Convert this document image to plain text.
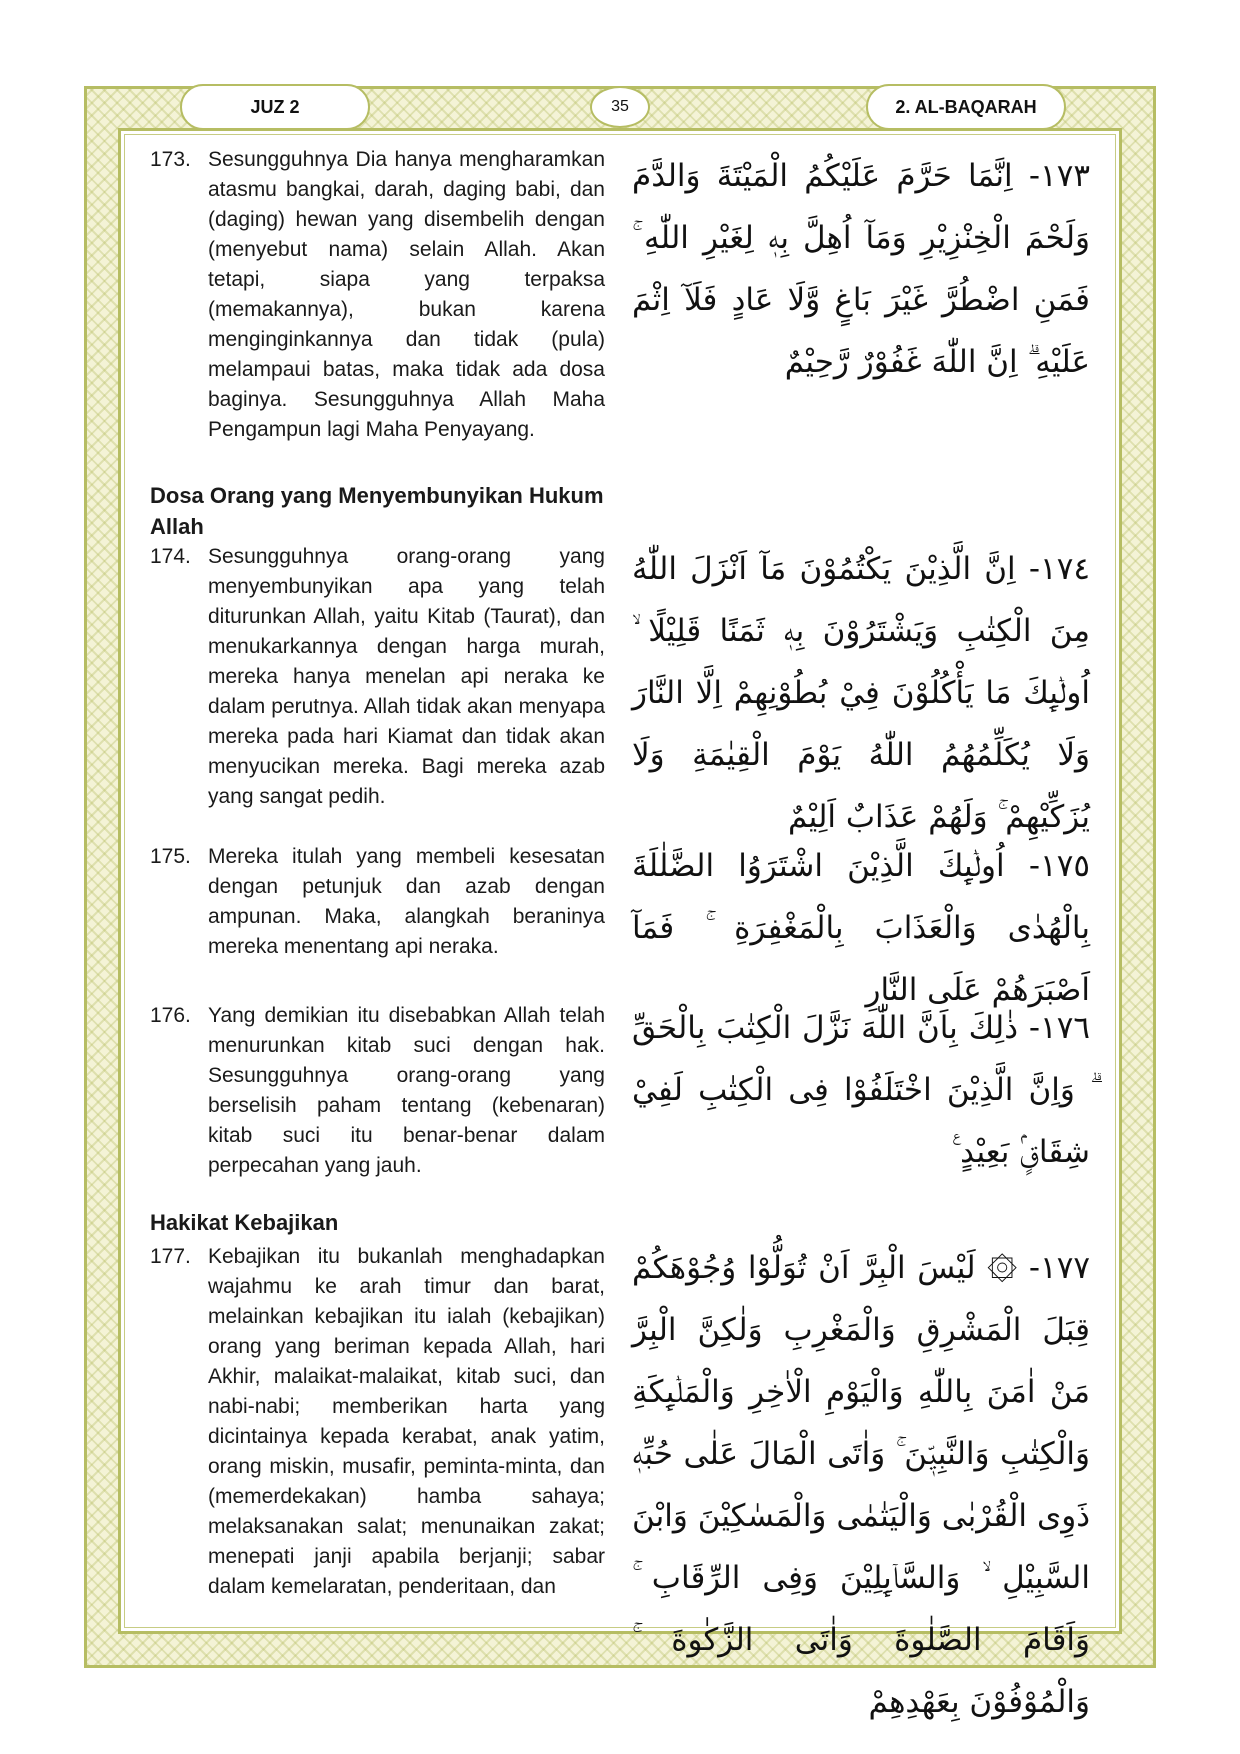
JUZ 2	35	2. AL-BAQARAH
173. Sesungguhnya Dia hanya mengharamkan atasmu bangkai, darah, daging babi, dan (daging) hewan yang disembelih dengan (menyebut nama) selain Allah. Akan tetapi, siapa yang terpaksa (memakannya), bukan karena menginginkannya dan tidak (pula) melampaui batas, maka tidak ada dosa baginya. Sesungguhnya Allah Maha Pengampun lagi Maha Penyayang.
١٧٣- اِنَّمَا حَرَّمَ عَلَيْكُمُ الْمَيْتَةَ وَالدَّمَ وَلَحْمَ الْخِنْزِيْرِ وَمَآ اُهِلَّ بِهٖ لِغَيْرِ اللّٰهِ ۚ فَمَنِ اضْطُرَّ غَيْرَ بَاغٍ وَّلَا عَادٍ فَلَآ اِثْمَ عَلَيْهِ ۗ اِنَّ اللّٰهَ غَفُوْرٌ رَّحِيْمٌ
Dosa Orang yang Menyembunyikan Hukum Allah
174. Sesungguhnya orang-orang yang menyembunyikan apa yang telah diturunkan Allah, yaitu Kitab (Taurat), dan menukarkannya dengan harga murah, mereka hanya menelan api neraka ke dalam perutnya. Allah tidak akan menyapa mereka pada hari Kiamat dan tidak akan menyucikan mereka. Bagi mereka azab yang sangat pedih.
١٧٤- اِنَّ الَّذِيْنَ يَكْتُمُوْنَ مَآ اَنْزَلَ اللّٰهُ مِنَ الْكِتٰبِ وَيَشْتَرُوْنَ بِهٖ ثَمَنًا قَلِيْلًا ۙ اُولٰۤىِٕكَ مَا يَأْكُلُوْنَ فِيْ بُطُوْنِهِمْ اِلَّا النَّارَ وَلَا يُكَلِّمُهُمُ اللّٰهُ يَوْمَ الْقِيٰمَةِ وَلَا يُزَكِّيْهِمْ ۚ وَلَهُمْ عَذَابٌ اَلِيْمٌ
175. Mereka itulah yang membeli kesesatan dengan petunjuk dan azab dengan ampunan. Maka, alangkah beraninya mereka menentang api neraka.
١٧٥- اُولٰۤىِٕكَ الَّذِيْنَ اشْتَرَوُا الضَّلٰلَةَ بِالْهُدٰى وَالْعَذَابَ بِالْمَغْفِرَةِ ۚ فَمَآ اَصْبَرَهُمْ عَلَى النَّارِ
176. Yang demikian itu disebabkan Allah telah menurunkan kitab suci dengan hak. Sesungguhnya orang-orang yang berselisih paham tentang (kebenaran) kitab suci itu benar-benar dalam perpecahan yang jauh.
١٧٦- ذٰلِكَ بِاَنَّ اللّٰهَ نَزَّلَ الْكِتٰبَ بِالْحَقِّ ۗ وَاِنَّ الَّذِيْنَ اخْتَلَفُوْا فِى الْكِتٰبِ لَفِيْ شِقَاقٍۢ بَعِيْدٍ ࣖ
Hakikat Kebajikan
177. Kebajikan itu bukanlah menghadapkan wajahmu ke arah timur dan barat, melainkan kebajikan itu ialah (kebajikan) orang yang beriman kepada Allah, hari Akhir, malaikat-malaikat, kitab suci, dan nabi-nabi; memberikan harta yang dicintainya kepada kerabat, anak yatim, orang miskin, musafir, peminta-minta, dan (memerdekakan) hamba sahaya; melaksanakan salat; menunaikan zakat; menepati janji apabila berjanji; sabar dalam kemelaratan, penderitaan, dan
١٧٧- ۞ لَيْسَ الْبِرَّ اَنْ تُوَلُّوْا وُجُوْهَكُمْ قِبَلَ الْمَشْرِقِ وَالْمَغْرِبِ وَلٰكِنَّ الْبِرَّ مَنْ اٰمَنَ بِاللّٰهِ وَالْيَوْمِ الْاٰخِرِ وَالْمَلٰۤىِٕكَةِ وَالْكِتٰبِ وَالنَّبِيّٖنَ ۚ وَاٰتَى الْمَالَ عَلٰى حُبِّهٖ ذَوِى الْقُرْبٰى وَالْيَتٰمٰى وَالْمَسٰكِيْنَ وَابْنَ السَّبِيْلِ ۙ وَالسَّاۤىِٕلِيْنَ وَفِى الرِّقَابِ ۚ وَاَقَامَ الصَّلٰوةَ وَاٰتَى الزَّكٰوةَ ۚ وَالْمُوْفُوْنَ بِعَهْدِهِمْ
